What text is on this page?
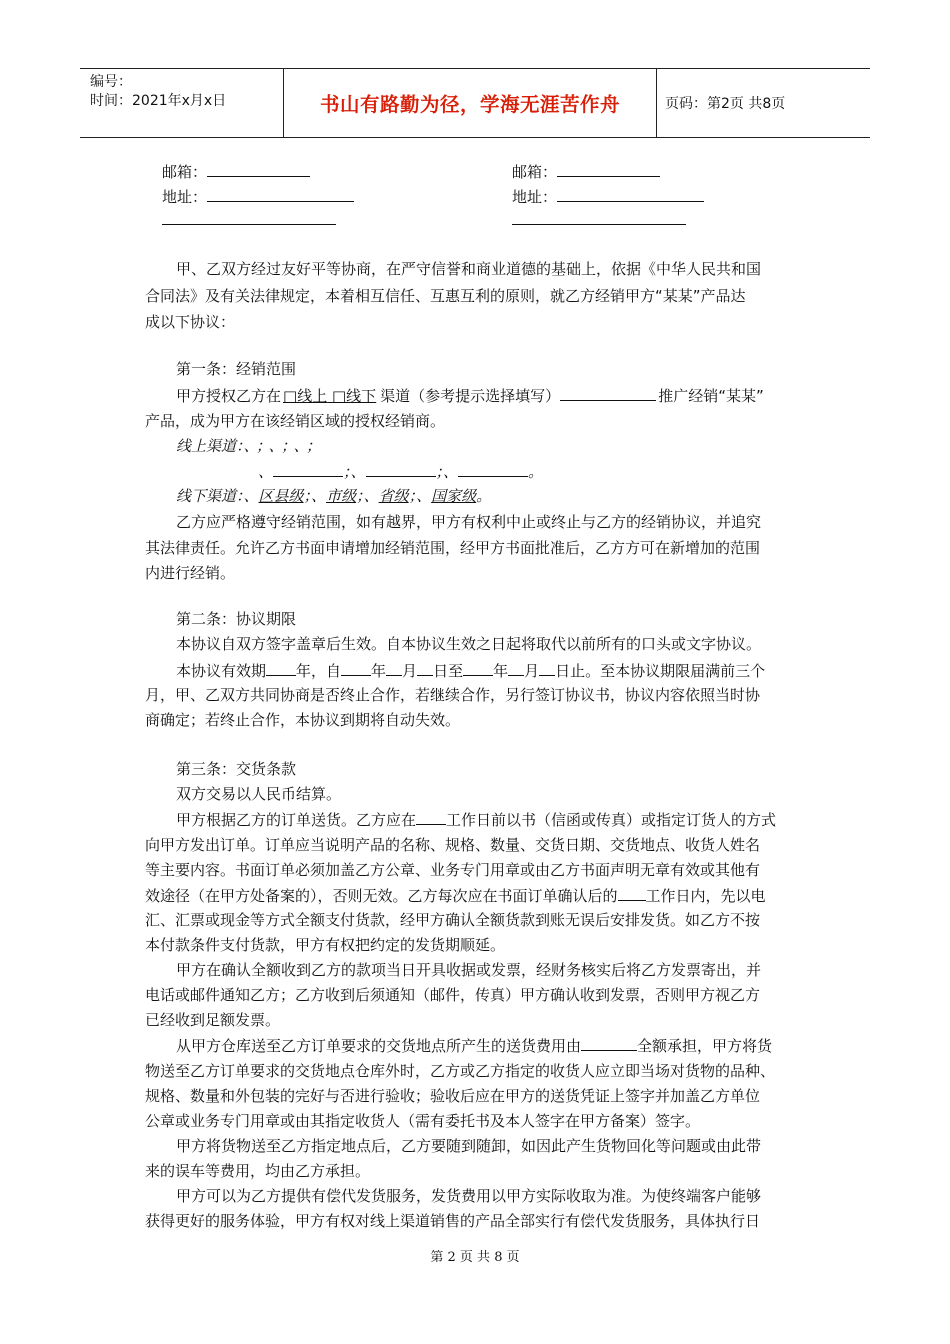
编号：
时间：2021年x月x日	书山有路勤为径，学海无涯苦作舟	页码：第2页 共8页
邮箱：	邮箱：
地址：	地址：
甲、乙双方经过友好平等协商，在严守信誉和商业道德的基础上，依据《中华人民共和国
合同法》及有关法律规定，本着相互信任、互惠互利的原则，就乙方经销甲方“某某”产品达
成以下协议：
第一条：经销范围
甲方授权乙方在 □线上 □线下 渠道（参考提示选择填写）	推广经销“某某”
产品，成为甲方在该经销区域的授权经销商。
线上渠道：、；、；、；
、	；、	；、	。
线下渠道：、区县级；、市级；、省级；、国家级。
乙方应严格遵守经销范围，如有越界，甲方有权利中止或终止与乙方的经销协议，并追究
其法律责任。允许乙方书面申请增加经销范围，经甲方书面批准后，乙方方可在新增加的范围
内进行经销。
第二条：协议期限
本协议自双方签字盖章后生效。自本协议生效之日起将取代以前所有的口头或文字协议。
本协议有效期 年，自 年 月 日至 年 月 日止。至本协议期限届满前三个
月，甲、乙双方共同协商是否终止合作，若继续合作，另行签订协议书，协议内容依照当时协
商确定；若终止合作，本协议到期将自动失效。
第三条：交货条款
双方交易以人民币结算。
甲方根据乙方的订单送货。乙方应在 工作日前以书（信函或传真）或指定订货人的方式
向甲方发出订单。订单应当说明产品的名称、规格、数量、交货日期、交货地点、收货人姓名
等主要内容。书面订单必须加盖乙方公章、业务专门用章或由乙方书面声明无章有效或其他有
效途径（在甲方处备案的），否则无效。乙方每次应在书面订单确认后的 工作日内，先以电
汇、汇票或现金等方式全额支付货款，经甲方确认全额货款到账无误后安排发货。如乙方不按
本付款条件支付货款，甲方有权把约定的发货期顺延。
甲方在确认全额收到乙方的款项当日开具收据或发票，经财务核实后将乙方发票寄出，并
电话或邮件通知乙方；乙方收到后须通知（邮件，传真）甲方确认收到发票，否则甲方视乙方
已经收到足额发票。
从甲方仓库送至乙方订单要求的交货地点所产生的送货费用由	全额承担，甲方将货
物送至乙方订单要求的交货地点仓库外时，乙方或乙方指定的收货人应立即当场对货物的品种、
规格、数量和外包装的完好与否进行验收；验收后应在甲方的送货凭证上签字并加盖乙方单位
公章或业务专门用章或由其指定收货人（需有委托书及本人签字在甲方备案）签字。
甲方将货物送至乙方指定地点后，乙方要随到随卸，如因此产生货物回化等问题或由此带
来的误车等费用，均由乙方承担。
甲方可以为乙方提供有偿代发货服务，发货费用以甲方实际收取为准。为使终端客户能够
获得更好的服务体验，甲方有权对线上渠道销售的产品全部实行有偿代发货服务，具体执行日
第 2 页 共 8 页
